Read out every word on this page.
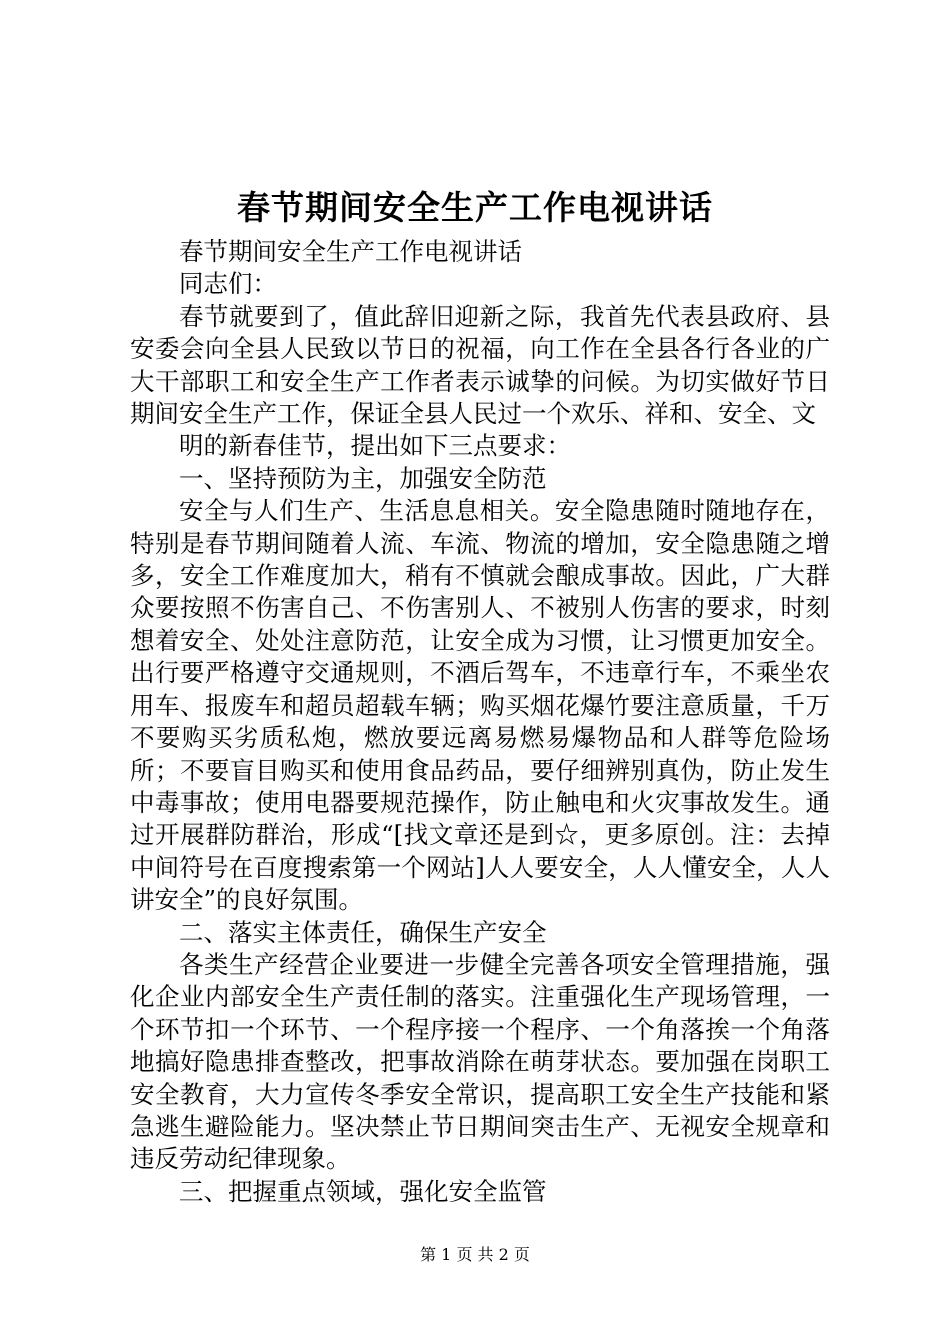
春节期间安全生产工作电视讲话

春节期间安全生产工作电视讲话

同志们：

春节就要到了，值此辞旧迎新之际，我首先代表县政府、县安委会向全县人民致以节日的祝福，向工作在全县各行各业的广大干部职工和安全生产工作者表示诚挚的问候。为切实做好节日期间安全生产工作，保证全县人民过一个欢乐、祥和、安全、文

明的新春佳节，提出如下三点要求：

一、坚持预防为主，加强安全防范

安全与人们生产、生活息息相关。安全隐患随时随地存在，特别是春节期间随着人流、车流、物流的增加，安全隐患随之增多，安全工作难度加大，稍有不慎就会酿成事故。因此，广大群众要按照不伤害自己、不伤害别人、不被别人伤害的要求，时刻想着安全、处处注意防范，让安全成为习惯，让习惯更加安全。出行要严格遵守交通规则，不酒后驾车，不违章行车，不乘坐农用车、报废车和超员超载车辆；购买烟花爆竹要注意质量，千万不要购买劣质私炮，燃放要远离易燃易爆物品和人群等危险场所；不要盲目购买和使用食品药品，要仔细辨别真伪，防止发生中毒事故；使用电器要规范操作，防止触电和火灾事故发生。通过开展群防群治，形成“[找文章还是到☆，更多原创。注：去掉中间符号在百度搜索第一个网站]人人要安全，人人懂安全，人人讲安全”的良好氛围。

二、落实主体责任，确保生产安全

各类生产经营企业要进一步健全完善各项安全管理措施，强化企业内部安全生产责任制的落实。注重强化生产现场管理，一个环节扣一个环节、一个程序接一个程序、一个角落挨一个角落地搞好隐患排查整改，把事故消除在萌芽状态。要加强在岗职工安全教育，大力宣传冬季安全常识，提高职工安全生产技能和紧急逃生避险能力。坚决禁止节日期间突击生产、无视安全规章和违反劳动纪律现象。

三、把握重点领域，强化安全监管

第 1 页 共 2 页
